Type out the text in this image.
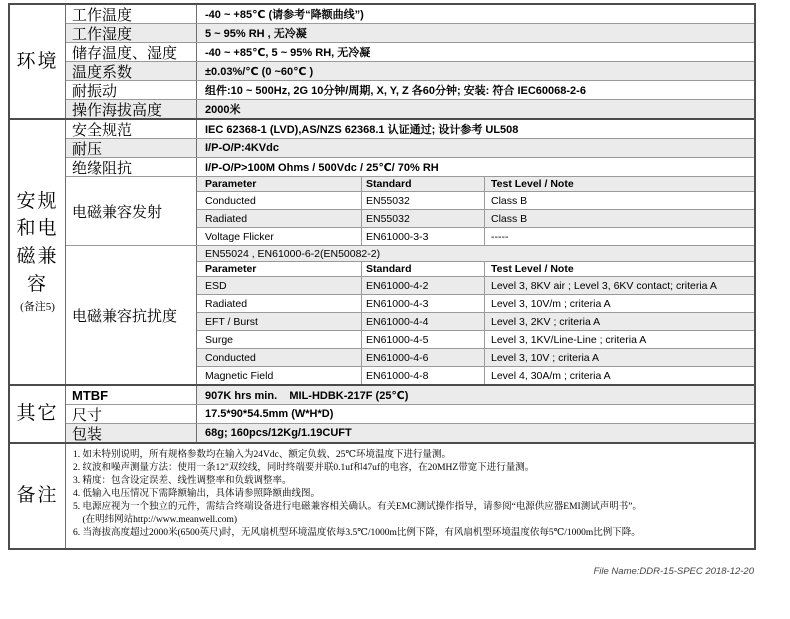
环境
工作温度	-40 ~ +85℃ (请参考“降额曲线”)
工作湿度	5 ~ 95% RH , 无冷凝
储存温度、湿度	-40 ~ +85℃, 5 ~ 95% RH, 无冷凝
温度系数	±0.03%/℃ (0 ~60℃ )
耐振动	组件:10 ~ 500Hz, 2G 10分钟/周期, X, Y, Z 各60分钟; 安装: 符合 IEC60068-2-6
操作海拔高度	2000米
安规和电磁兼容
(备注5)
安全规范	IEC 62368-1 (LVD),AS/NZS 62368.1 认证通过; 设计参考 UL508
耐压	I/P-O/P:4KVdc
绝缘阻抗	I/P-O/P>100M Ohms / 500Vdc / 25℃/ 70% RH
电磁兼容发射
Parameter	Standard	Test Level / Note
Conducted	EN55032	Class B
Radiated	EN55032	Class B
Voltage Flicker	EN61000-3-3	-----
电磁兼容抗扰度
EN55024 , EN61000-6-2(EN50082-2)
Parameter	Standard	Test Level / Note
ESD	EN61000-4-2	Level 3, 8KV air ; Level 3, 6KV contact; criteria A
Radiated	EN61000-4-3	Level 3, 10V/m ; criteria A
EFT / Burst	EN61000-4-4	Level 3, 2KV ; criteria A
Surge	EN61000-4-5	Level 3, 1KV/Line-Line ; criteria A
Conducted	EN61000-4-6	Level 3, 10V ; criteria A
Magnetic Field	EN61000-4-8	Level 4, 30A/m ; criteria A
其它
MTBF	907K hrs min.    MIL-HDBK-217F (25℃)
尺寸	17.5*90*54.5mm (W*H*D)
包装	68g; 160pcs/12Kg/1.19CUFT
备注
1. 如未特别说明，所有规格参数均在输入为24Vdc、额定负载、25℃环境温度下进行量测。
2. 纹波和噪声测量方法：使用一条12"双绞线，同时终端要并联0.1uf和47uf的电容，在20MHZ带宽下进行量测。
3. 精度：包含设定误差、线性调整率和负载调整率。
4. 低输入电压情况下需降额输出，具体请参照降额曲线图。
5. 电源应视为一个独立的元件，需结合终端设备进行电磁兼容相关确认。有关EMC测试操作指导，请参阅“电源供应器EMI测试声明书”。
(在明纬网站http://www.meanwell.com)
6. 当海拔高度超过2000米(6500英尺)时，无风扇机型环境温度依每3.5℃/1000m比例下降，有风扇机型环境温度依每5℃/1000m比例下降。
File Name:DDR-15-SPEC 2018-12-20
